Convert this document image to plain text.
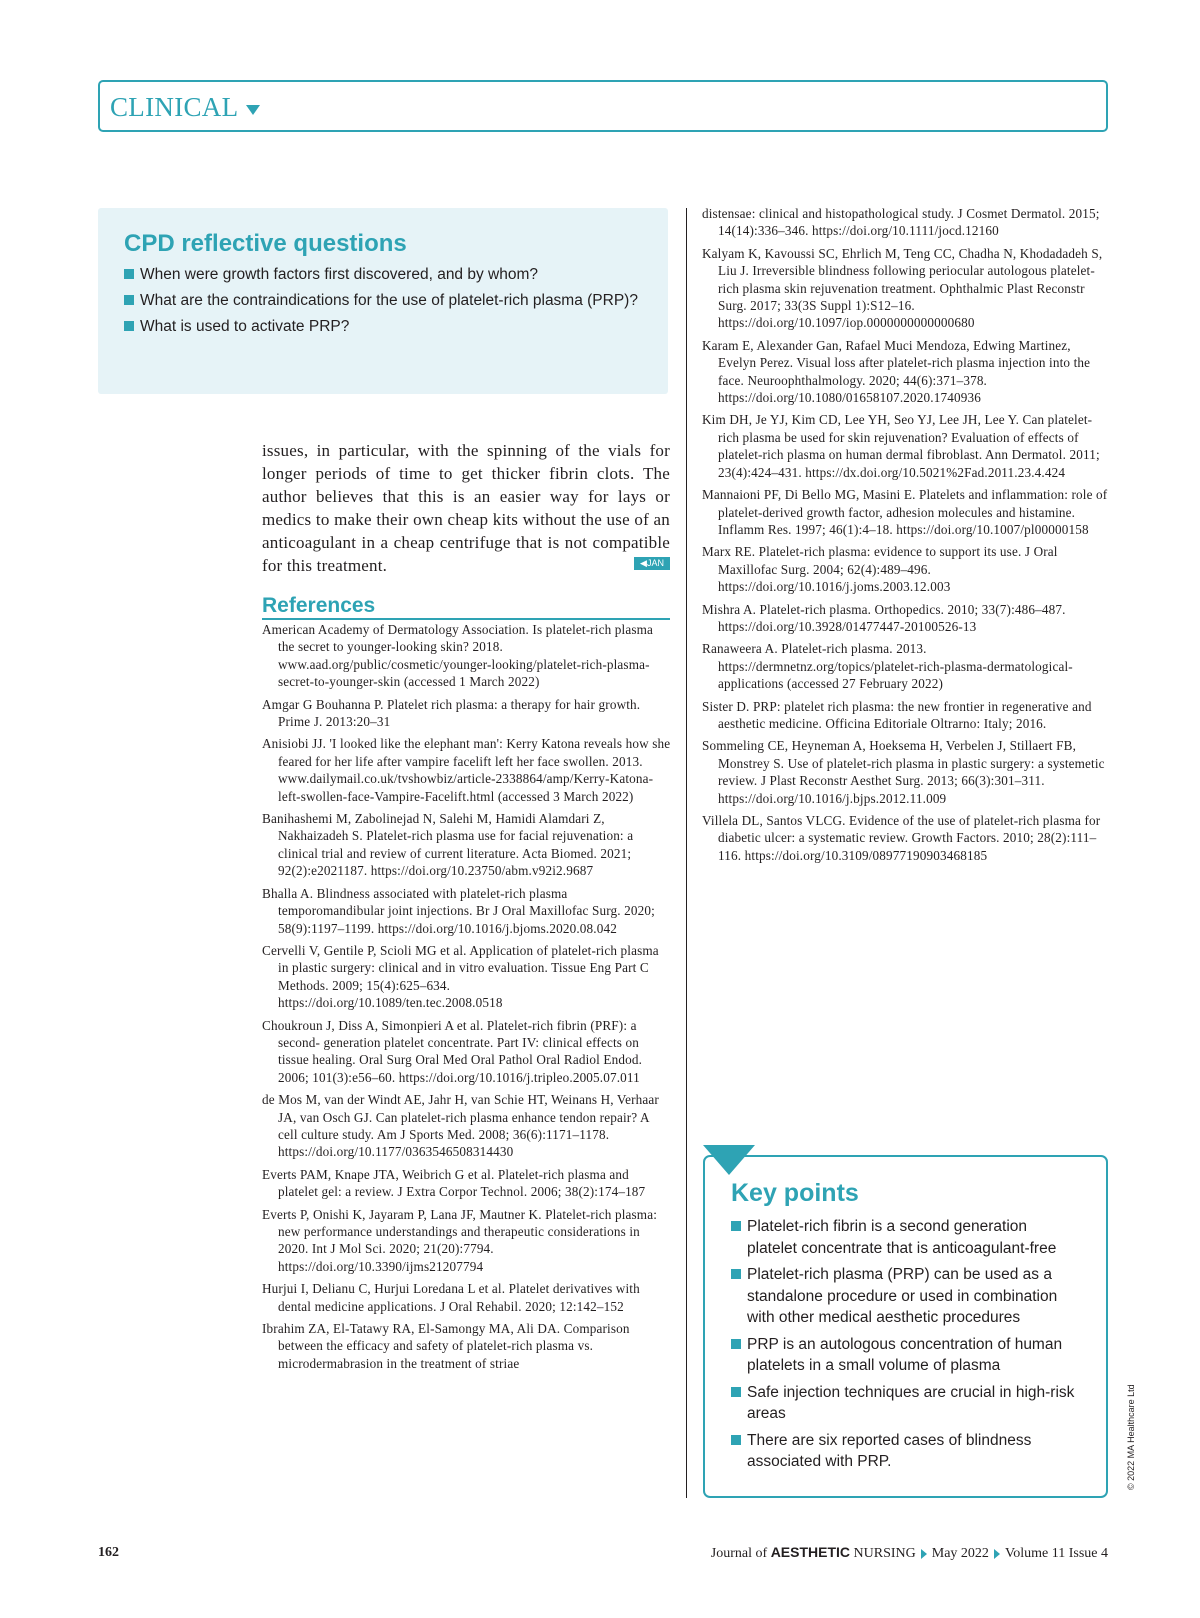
CLINICAL
CPD reflective questions
When were growth factors first discovered, and by whom?
What are the contraindications for the use of platelet-rich plasma (PRP)?
What is used to activate PRP?
issues, in particular, with the spinning of the vials for longer periods of time to get thicker fibrin clots. The author believes that this is an easier way for lays or medics to make their own cheap kits without the use of an anticoagulant in a cheap centrifuge that is not compatible for this treatment.	◀JAN
References
American Academy of Dermatology Association. Is platelet-rich plasma the secret to younger-looking skin? 2018. www.aad.org/public/cosmetic/younger-looking/platelet-rich-plasma-secret-to-younger-skin (accessed 1 March 2022)
Amgar G Bouhanna P. Platelet rich plasma: a therapy for hair growth. Prime J. 2013:20–31
Anisiobi JJ. 'I looked like the elephant man': Kerry Katona reveals how she feared for her life after vampire facelift left her face swollen. 2013. www.dailymail.co.uk/tvshowbiz/article-2338864/amp/Kerry-Katona-left-swollen-face-Vampire-Facelift.html (accessed 3 March 2022)
Banihashemi M, Zabolinejad N, Salehi M, Hamidi Alamdari Z, Nakhaizadeh S. Platelet-rich plasma use for facial rejuvenation: a clinical trial and review of current literature. Acta Biomed. 2021; 92(2):e2021187. https://doi.org/10.23750/abm.v92i2.9687
Bhalla A. Blindness associated with platelet-rich plasma temporomandibular joint injections. Br J Oral Maxillofac Surg. 2020; 58(9):1197–1199. https://doi.org/10.1016/j.bjoms.2020.08.042
Cervelli V, Gentile P, Scioli MG et al. Application of platelet-rich plasma in plastic surgery: clinical and in vitro evaluation. Tissue Eng Part C Methods. 2009; 15(4):625–634. https://doi.org/10.1089/ten.tec.2008.0518
Choukroun J, Diss A, Simonpieri A et al. Platelet-rich fibrin (PRF): a second- generation platelet concentrate. Part IV: clinical effects on tissue healing. Oral Surg Oral Med Oral Pathol Oral Radiol Endod. 2006; 101(3):e56–60. https://doi.org/10.1016/j.tripleo.2005.07.011
de Mos M, van der Windt AE, Jahr H, van Schie HT, Weinans H, Verhaar JA, van Osch GJ. Can platelet-rich plasma enhance tendon repair? A cell culture study. Am J Sports Med. 2008; 36(6):1171–1178. https://doi.org/10.1177/0363546508314430
Everts PAM, Knape JTA, Weibrich G et al. Platelet-rich plasma and platelet gel: a review. J Extra Corpor Technol. 2006; 38(2):174–187
Everts P, Onishi K, Jayaram P, Lana JF, Mautner K. Platelet-rich plasma: new performance understandings and therapeutic considerations in 2020. Int J Mol Sci. 2020; 21(20):7794. https://doi.org/10.3390/ijms21207794
Hurjui I, Delianu C, Hurjui Loredana L et al. Platelet derivatives with dental medicine applications. J Oral Rehabil. 2020; 12:142–152
Ibrahim ZA, El-Tatawy RA, El-Samongy MA, Ali DA. Comparison between the efficacy and safety of platelet-rich plasma vs. microdermabrasion in the treatment of striae
distensae: clinical and histopathological study. J Cosmet Dermatol. 2015; 14(14):336–346. https://doi.org/10.1111/jocd.12160
Kalyam K, Kavoussi SC, Ehrlich M, Teng CC, Chadha N, Khodadadeh S, Liu J. Irreversible blindness following periocular autologous platelet-rich plasma skin rejuvenation treatment. Ophthalmic Plast Reconstr Surg. 2017; 33(3S Suppl 1):S12–16. https://doi.org/10.1097/iop.0000000000000680
Karam E, Alexander Gan, Rafael Muci Mendoza, Edwing Martinez, Evelyn Perez. Visual loss after platelet-rich plasma injection into the face. Neuroophthalmology. 2020; 44(6):371–378. https://doi.org/10.1080/01658107.2020.1740936
Kim DH, Je YJ, Kim CD, Lee YH, Seo YJ, Lee JH, Lee Y. Can platelet-rich plasma be used for skin rejuvenation? Evaluation of effects of platelet-rich plasma on human dermal fibroblast. Ann Dermatol. 2011; 23(4):424–431. https://dx.doi.org/10.5021%2Fad.2011.23.4.424
Mannaioni PF, Di Bello MG, Masini E. Platelets and inflammation: role of platelet-derived growth factor, adhesion molecules and histamine. Inflamm Res. 1997; 46(1):4–18. https://doi.org/10.1007/pl00000158
Marx RE. Platelet-rich plasma: evidence to support its use. J Oral Maxillofac Surg. 2004; 62(4):489–496. https://doi.org/10.1016/j.joms.2003.12.003
Mishra A. Platelet-rich plasma. Orthopedics. 2010; 33(7):486–487. https://doi.org/10.3928/01477447-20100526-13
Ranaweera A. Platelet-rich plasma. 2013. https://dermnetnz.org/topics/platelet-rich-plasma-dermatological-applications (accessed 27 February 2022)
Sister D. PRP: platelet rich plasma: the new frontier in regenerative and aesthetic medicine. Officina Editoriale Oltrarno: Italy; 2016.
Sommeling CE, Heyneman A, Hoeksema H, Verbelen J, Stillaert FB, Monstrey S. Use of platelet-rich plasma in plastic surgery: a systemetic review. J Plast Reconstr Aesthet Surg. 2013; 66(3):301–311. https://doi.org/10.1016/j.bjps.2012.11.009
Villela DL, Santos VLCG. Evidence of the use of platelet-rich plasma for diabetic ulcer: a systematic review. Growth Factors. 2010; 28(2):111–116. https://doi.org/10.3109/08977190903468185
Key points
Platelet-rich fibrin is a second generation platelet concentrate that is anticoagulant-free
Platelet-rich plasma (PRP) can be used as a standalone procedure or used in combination with other medical aesthetic procedures
PRP is an autologous concentration of human platelets in a small volume of plasma
Safe injection techniques are crucial in high-risk areas
There are six reported cases of blindness associated with PRP.	© 2022 MA Healthcare Ltd
162	Journal of AESTHETIC NURSING May 2022 Volume 11 Issue 4
